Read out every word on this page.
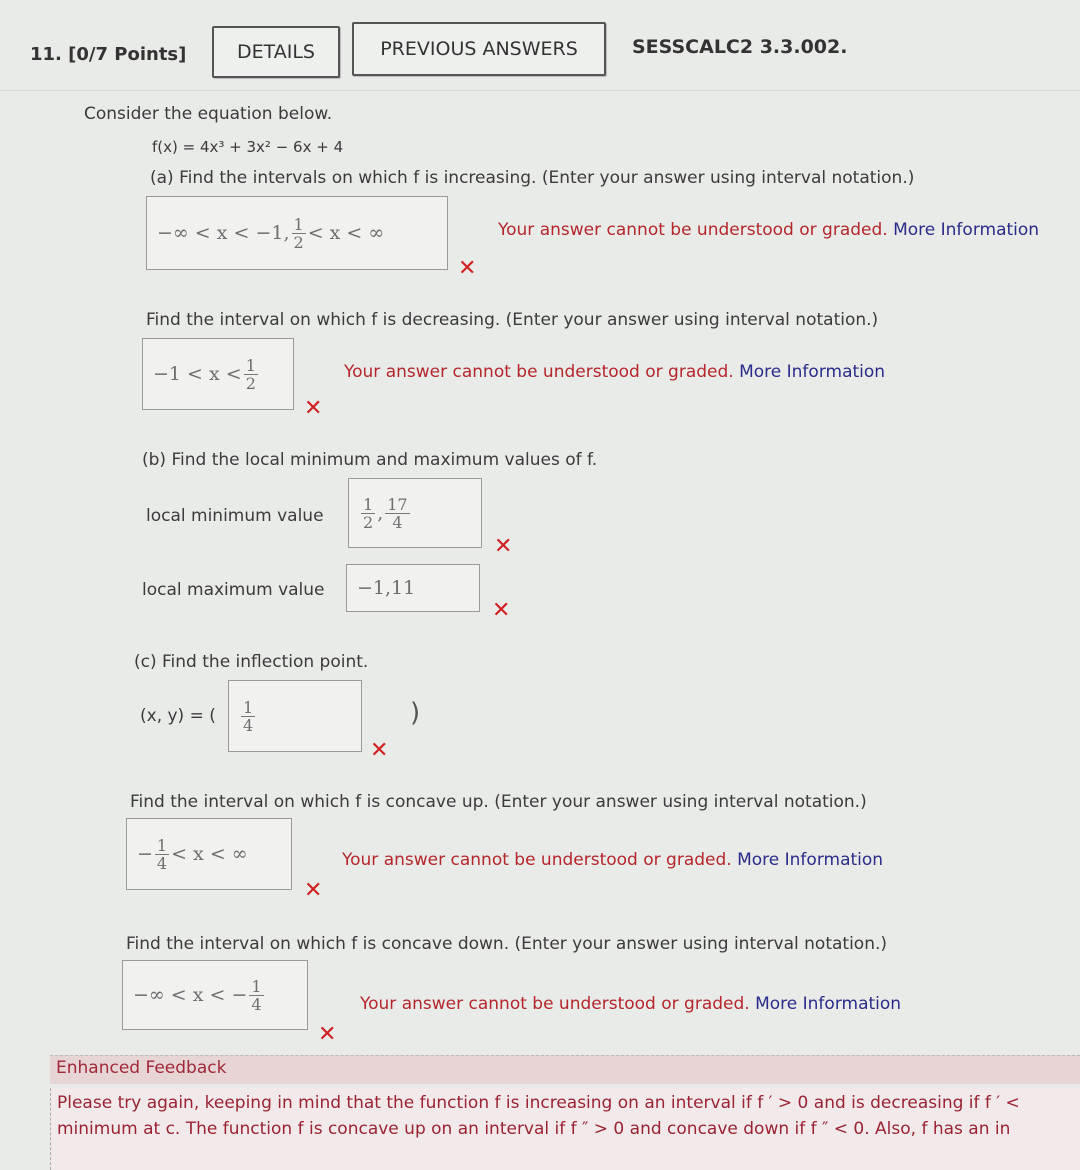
11. [0/7 Points]	DETAILS	PREVIOUS ANSWERS	SESSCALC2 3.3.002.
Consider the equation below.
f(x) = 4x³ + 3x² − 6x + 4
(a) Find the intervals on which f is increasing. (Enter your answer using interval notation.)
−∞ < x < −1, $\frac{1}{2} < x$ < ∞
✕
Your answer cannot be understood or graded. More Information
Find the interval on which f is decreasing. (Enter your answer using interval notation.)
$-1 < x < \frac{1}{2}$
✕
Your answer cannot be understood or graded. More Information
(b) Find the local minimum and maximum values of f.
local minimum value $\frac{1}{2}$ , $\frac{17}{4}$
✕
local maximum value −1,11
✕
(c) Find the inflection point.
(x, y) = ( $\frac{1}{4}$
✕
)
Find the interval on which f is concave up. (Enter your answer using interval notation.)
− $\frac{1}{4} < x$ < ∞
✕
Your answer cannot be understood or graded. More Information
Find the interval on which f is concave down. (Enter your answer using interval notation.)
−∞ < x < − $\frac{1}{4}$
✕
Your answer cannot be understood or graded. More Information
Enhanced Feedback
Please try again, keeping in mind that the function f is increasing on an interval if f ′ > 0 and is decreasing if f ′ <
minimum at c. The function f is concave up on an interval if f ″ > 0 and concave down if f ″ < 0. Also, f has an in
